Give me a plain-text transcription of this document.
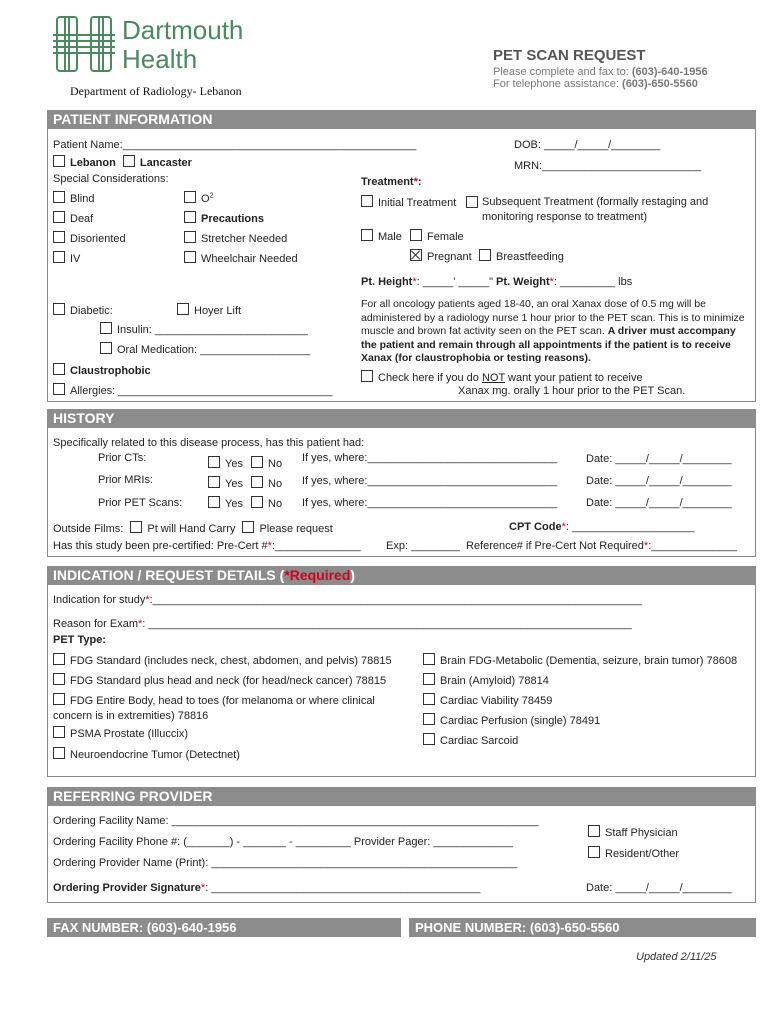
Dartmouth
Health
Department of Radiology- Lebanon
PET SCAN REQUEST
Please complete and fax to: (603)-640-1956
For telephone assistance: (603)-650-5560
PATIENT INFORMATION
Patient Name:________________________________________________	DOB: _____/_____/________
Lebanon Lancaster	MRN:__________________________
Special Considerations:
Blind	$O^2$
Deaf	Precautions
Disoriented	Stretcher Needed
IV	Wheelchair Needed
Treatment*:
Initial Treatment	Subsequent Treatment (formally restaging and monitoring response to treatment)
Male	Female
Pregnant	Breastfeeding
Pt. Height*: _____' _____" Pt. Weight*: _________ lbs
Diabetic:	Hoyer Lift
Insulin: _________________________
Oral Medication: __________________
Claustrophobic
Allergies: ___________________________________
For all oncology patients aged 18-40, an oral Xanax dose of 0.5 mg will be administered by a radiology nurse 1 hour prior to the PET scan. This is to minimize muscle and brown fat activity seen on the PET scan. A driver must accompany the patient and remain through all appointments if the patient is to receive Xanax (for claustrophobia or testing reasons).
Check here if you do NOT want your patient to receive
Xanax mg. orally 1 hour prior to the PET Scan.
HISTORY
Specifically related to this disease process, has this patient had:
Prior CTs:	Yes	No If yes, where:_______________________________	Date: _____/_____/________
Prior MRIs:	Yes	No If yes, where:_______________________________	Date: _____/_____/________
Prior PET Scans:	Yes	No If yes, where:_______________________________	Date: _____/_____/________
Outside Films: Pt will Hand Carry Please request	CPT Code*: ____________________
Has this study been pre-certified: Pre-Cert #*:______________ Exp: ________ Reference# if Pre-Cert Not Required*:______________
INDICATION / REQUEST DETAILS (*Required)
Indication for study*:________________________________________________________________________________
Reason for Exam*: _______________________________________________________________________________
PET Type:
FDG Standard (includes neck, chest, abdomen, and pelvis) 78815
FDG Standard plus head and neck (for head/neck cancer) 78815
FDG Entire Body, head to toes (for melanoma or where clinical concern is in extremities) 78816
PSMA Prostate (Illuccix)
Neuroendocrine Tumor (Detectnet)
Brain FDG-Metabolic (Dementia, seizure, brain tumor) 78608
Brain (Amyloid) 78814
Cardiac Viability 78459
Cardiac Perfusion (single) 78491
Cardiac Sarcoid
REFERRING PROVIDER
Ordering Facility Name: ____________________________________________________________
Ordering Facility Phone #: (_______) - _______ - _________ Provider Pager: _____________
Ordering Provider Name (Print): __________________________________________________
Ordering Provider Signature*: ____________________________________________
Staff Physician
Resident/Other
Date: _____/_____/________
FAX NUMBER: (603)-640-1956	PHONE NUMBER: (603)-650-5560
Updated 2/11/25
